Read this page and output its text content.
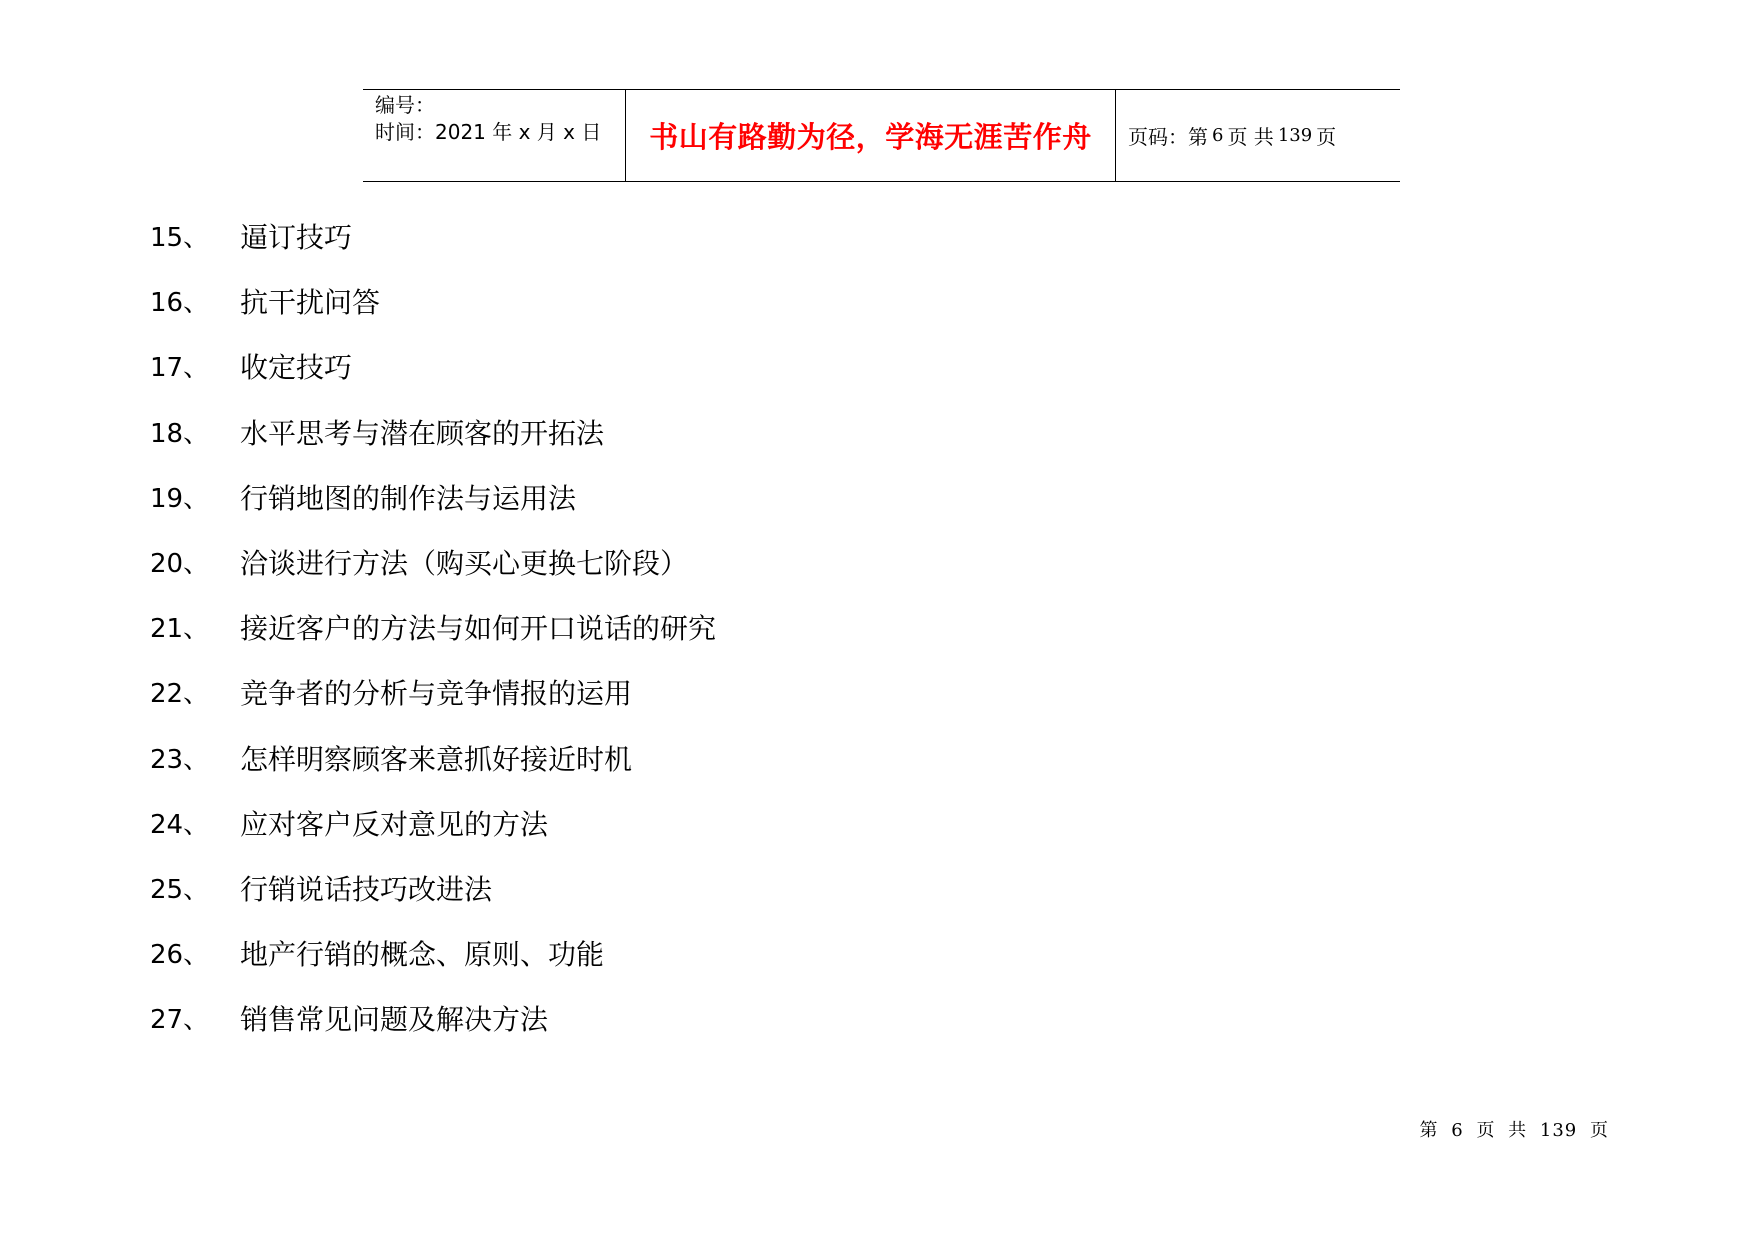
编号：
时间：2021 年 x 月 x 日	书山有路勤为径，学海无涯苦作舟 页码：第 6 页 共 139 页
15、	逼订技巧
16、	抗干扰问答
17、	收定技巧
18、	水平思考与潜在顾客的开拓法
19、	行销地图的制作法与运用法
20、	洽谈进行方法（购买心更换七阶段）
21、	接近客户的方法与如何开口说话的研究
22、	竞争者的分析与竞争情报的运用
23、	怎样明察顾客来意抓好接近时机
24、	应对客户反对意见的方法
25、	行销说话技巧改进法
26、	地产行销的概念、原则、功能
27、	销售常见问题及解决方法
第 6 页 共 139 页
